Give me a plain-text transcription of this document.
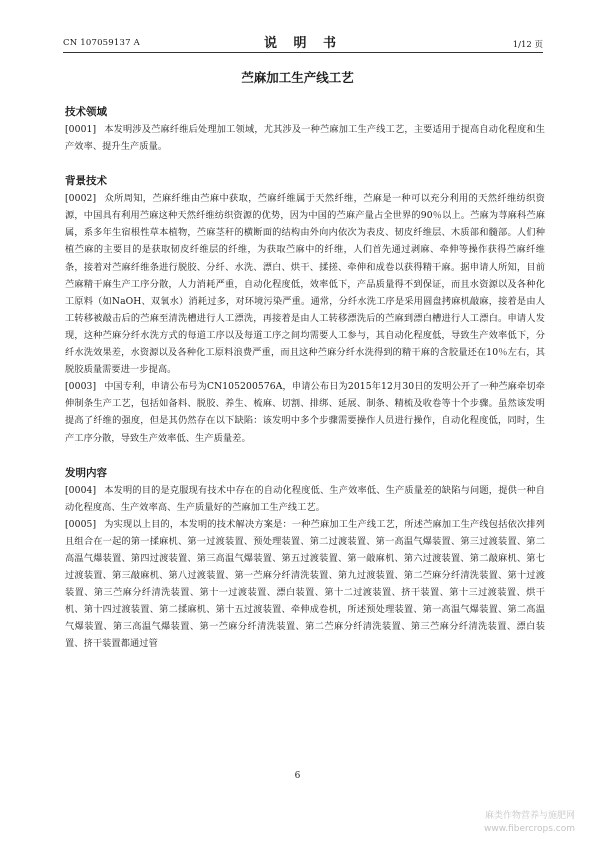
CN 107059137 A	说 明 书	1/12 页
苎麻加工生产线工艺
技术领域

[0001] 本发明涉及苎麻纤维后处理加工领域，尤其涉及一种苎麻加工生产线工艺，主要适用于提高自动化程度和生产效率、提升生产质量。

背景技术

[0002] 众所周知，苎麻纤维由苎麻中获取，苎麻纤维属于天然纤维，苎麻是一种可以充分利用的天然纤维纺织资源，中国具有利用苎麻这种天然纤维纺织资源的优势，因为中国的苎麻产量占全世界的90％以上。苎麻为荨麻科苎麻属，系多年生宿根性草本植物，苎麻茎秆的横断面的结构由外向内依次为表皮、韧皮纤维层、木质部和髓部。人们种植苎麻的主要目的是获取韧皮纤维层的纤维，为获取苎麻中的纤维，人们首先通过剥麻、牵伸等操作获得苎麻纤维条，接着对苎麻纤维条进行脱胶、分纤、水洗、漂白、烘干、揉搓、牵伸和成卷以获得精干麻。据申请人所知，目前苎麻精干麻生产工序分散，人力消耗严重，自动化程度低，效率低下，产品质量得不到保证，而且水资源以及各种化工原料（如NaOH、双氧水）消耗过多，对环境污染严重。通常，分纤水洗工序是采用圆盘拷麻机敲麻，接着是由人工转移被敲击后的苎麻至清洗槽进行人工漂洗，再接着是由人工转移漂洗后的苎麻到漂白槽进行人工漂白。申请人发现，这种苎麻分纤水洗方式的每道工序以及每道工序之间均需要人工参与，其自动化程度低，导致生产效率低下，分纤水洗效果差，水资源以及各种化工原料浪费严重，而且这种苎麻分纤水洗得到的精干麻的含胶量还在10％左右，其脱胶质量需要进一步提高。

[0003] 中国专利，申请公布号为CN105200576A，申请公布日为2015年12月30日的发明公开了一种苎麻牵切牵伸制条生产工艺，包括如备料、脱胶、养生、梳麻、切割、排绑、延展、制条、精梳及收卷等十个步骤。虽然该发明提高了纤维的强度，但是其仍然存在以下缺陷：该发明中多个步骤需要操作人员进行操作，自动化程度低，同时，生产工序分散，导致生产效率低、生产质量差。

发明内容

[0004] 本发明的目的是克服现有技术中存在的自动化程度低、生产效率低、生产质量差的缺陷与问题，提供一种自动化程度高、生产效率高、生产质量好的苎麻加工生产线工艺。

[0005] 为实现以上目的，本发明的技术解决方案是：一种苎麻加工生产线工艺，所述苎麻加工生产线包括依次排列且组合在一起的第一揉麻机、第一过渡装置、预处理装置、第二过渡装置、第一高温气爆装置、第三过渡装置、第二高温气爆装置、第四过渡装置、第三高温气爆装置、第五过渡装置、第一敲麻机、第六过渡装置、第二敲麻机、第七过渡装置、第三敲麻机、第八过渡装置、第一苎麻分纤清洗装置、第九过渡装置、第二苎麻分纤清洗装置、第十过渡装置、第三苎麻分纤清洗装置、第十一过渡装置、漂白装置、第十二过渡装置、挤干装置、第十三过渡装置、烘干机、第十四过渡装置、第二揉麻机、第十五过渡装置、牵伸成卷机，所述预处理装置、第一高温气爆装置、第二高温气爆装置、第三高温气爆装置、第一苎麻分纤清洗装置、第二苎麻分纤清洗装置、第三苎麻分纤清洗装置、漂白装置、挤干装置都通过管

6
麻类作物营养与施肥网
www.fibercrops.com
